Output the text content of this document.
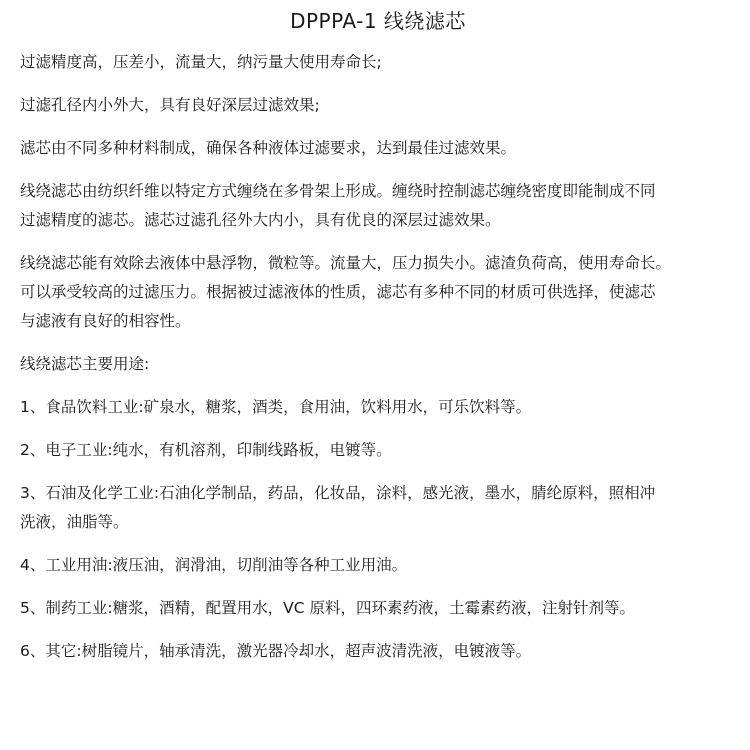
DPPPA-1 线绕滤芯
过滤精度高，压差小，流量大，纳污量大使用寿命长;
过滤孔径内小外大，具有良好深层过滤效果;
滤芯由不同多种材料制成，确保各种液体过滤要求，达到最佳过滤效果。
线绕滤芯由纺织纤维以特定方式缠绕在多骨架上形成。缠绕时控制滤芯缠绕密度即能制成不同
过滤精度的滤芯。滤芯过滤孔径外大内小，具有优良的深层过滤效果。
线绕滤芯能有效除去液体中悬浮物，微粒等。流量大，压力损失小。滤渣负荷高，使用寿命长。
可以承受较高的过滤压力。根据被过滤液体的性质，滤芯有多种不同的材质可供选择，使滤芯
与滤液有良好的相容性。
线绕滤芯主要用途:
1、食品饮料工业:矿泉水，糖浆，酒类，食用油，饮料用水，可乐饮料等。
2、电子工业:纯水，有机溶剂，印制线路板，电镀等。
3、石油及化学工业:石油化学制品，药品，化妆品，涂料，感光液，墨水，腈纶原料，照相冲
洗液，油脂等。
4、工业用油:液压油，润滑油，切削油等各种工业用油。
5、制药工业:糖浆，酒精，配置用水，VC 原料，四环素药液，土霉素药液，注射针剂等。
6、其它:树脂镜片，轴承清洗，激光器冷却水，超声波清洗液，电镀液等。
